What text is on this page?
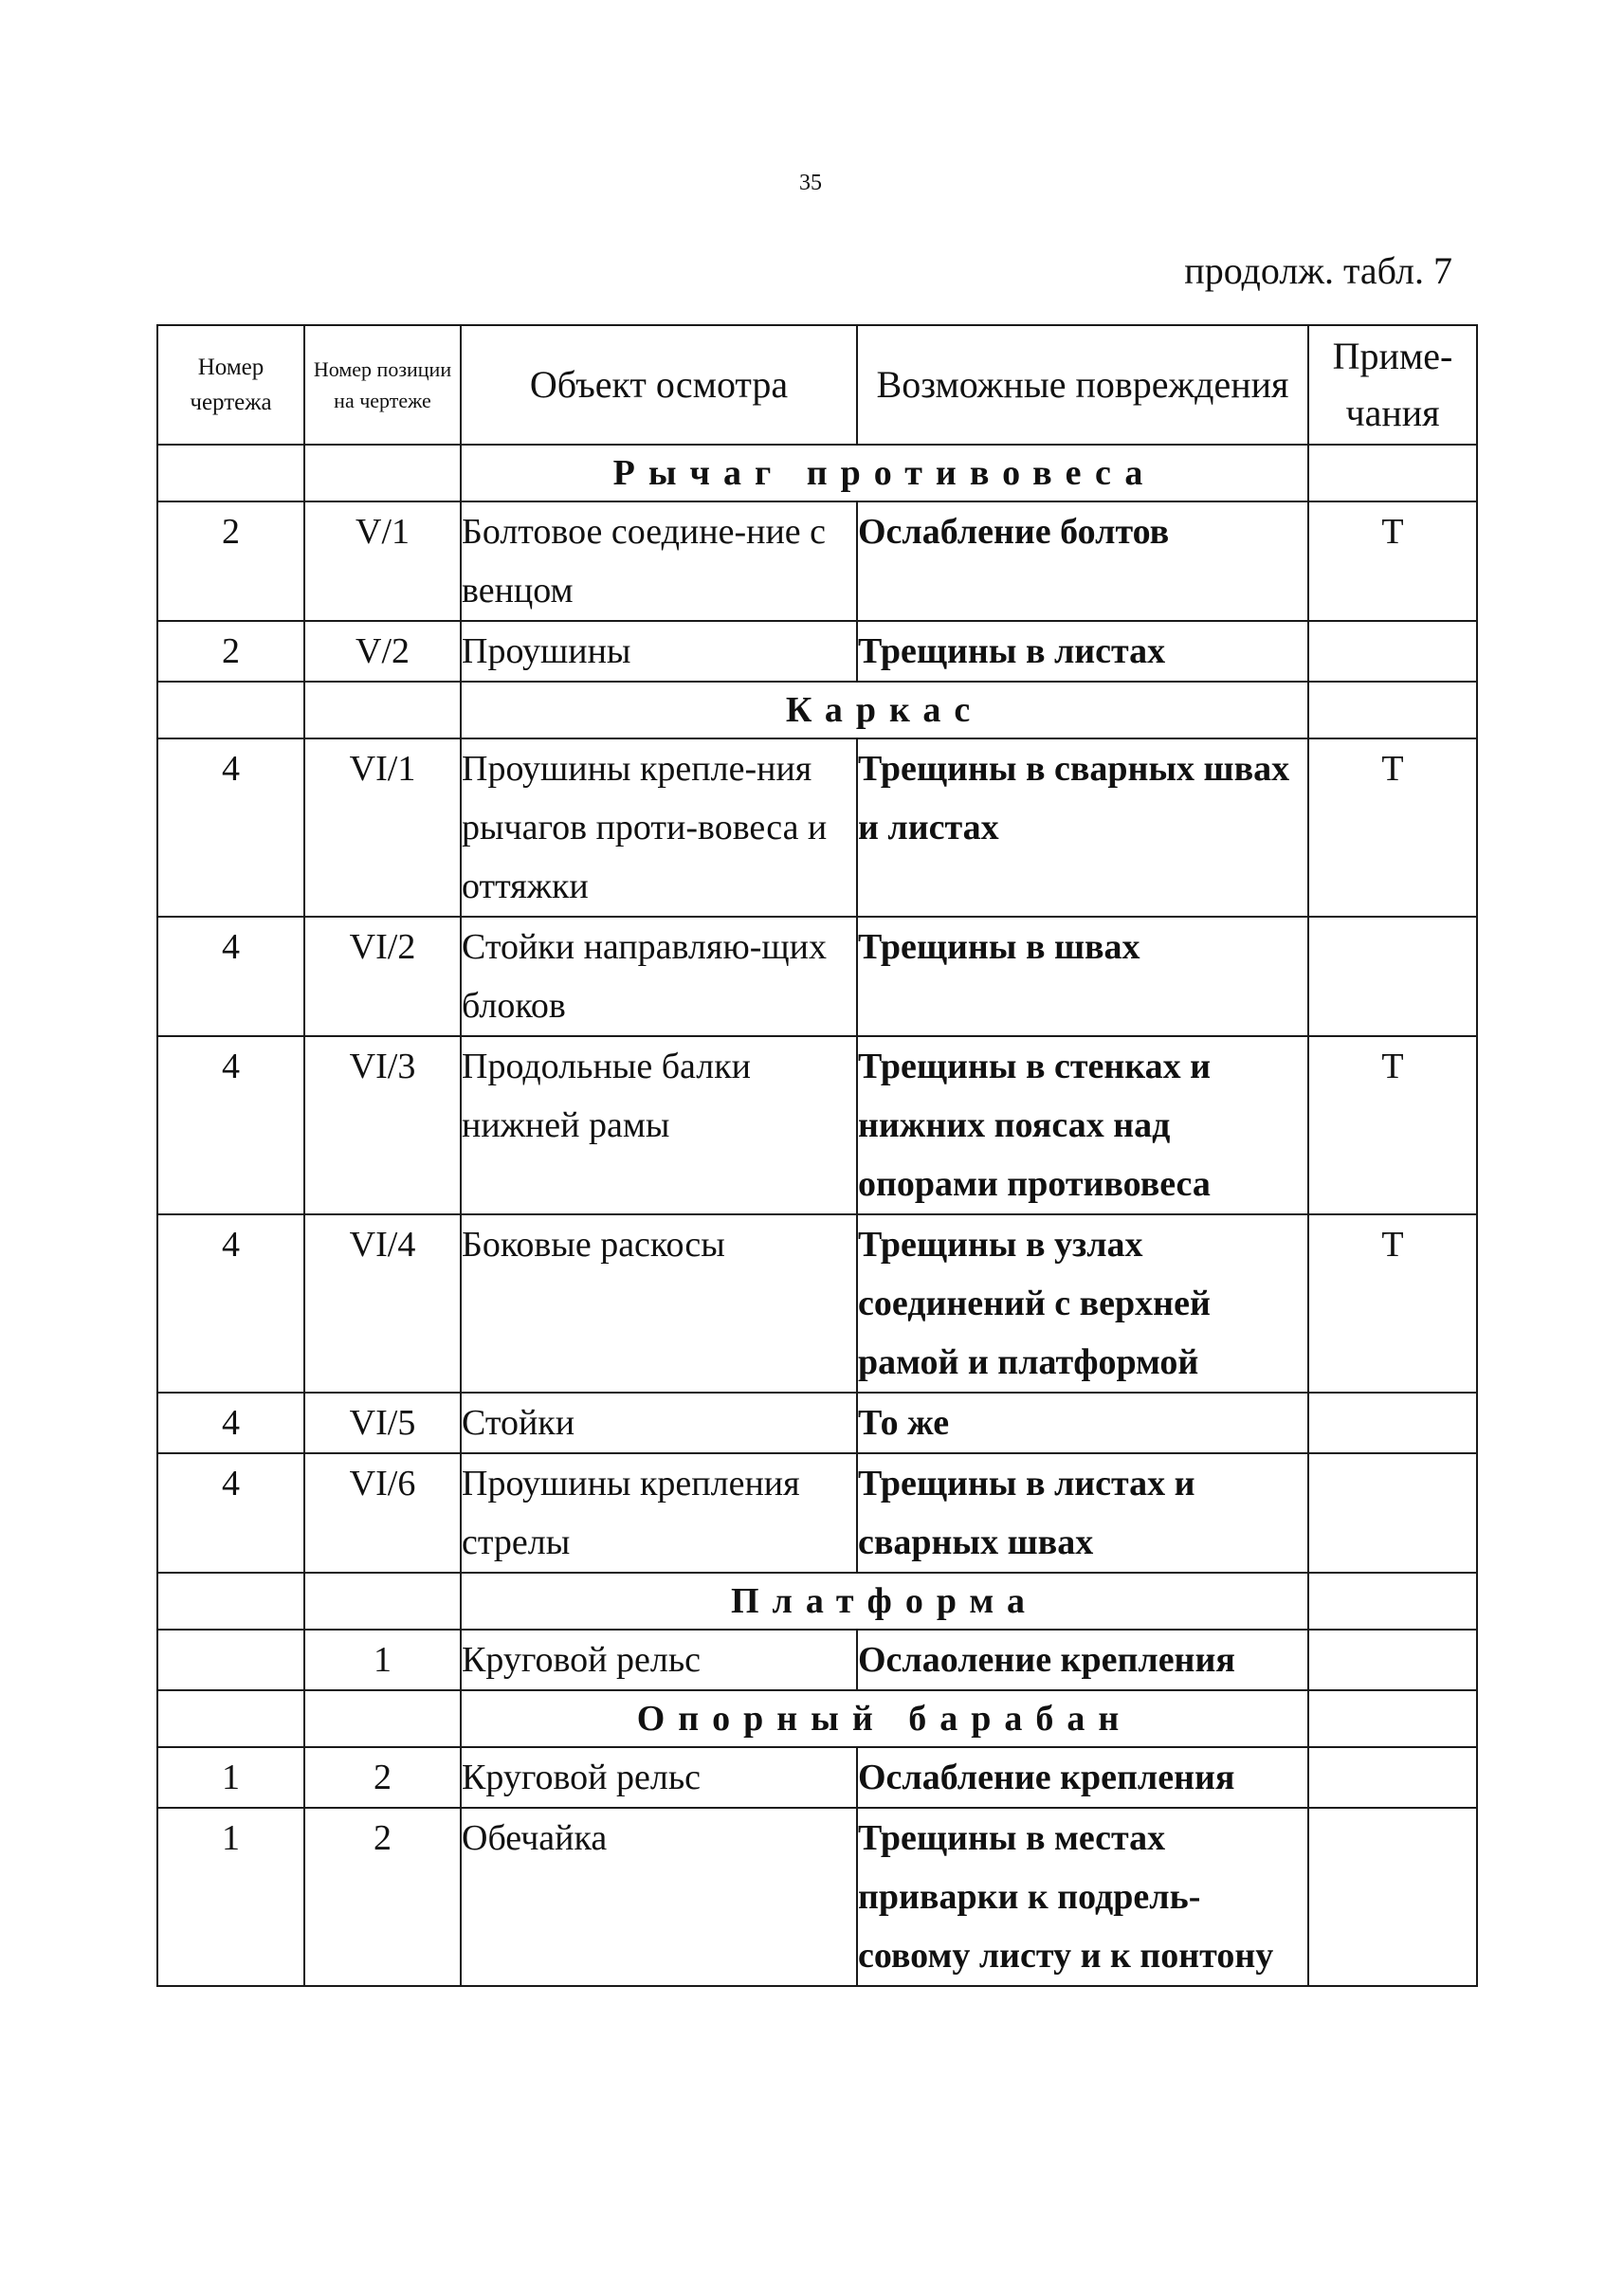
35
продолж. табл. 7
Номер чертежа	Номер позиции на чертеже	Объект осмотра	Возможные повреждения	Приме-чания
		Рычаг противовеса		
2	V/1	Болтовое соедине-ние с венцом	Ослабление болтов	Т
2	V/2	Проушины	Трещины в листах	
		Каркас		
4	VI/1	Проушины крепле-ния рычагов проти-вовеса и оттяжки	Трещины в сварных швах и листах	Т
4	VI/2	Стойки направляю-щих блоков	Трещины в швах	
4	VI/3	Продольные балки нижней рамы	Трещины в стенках и нижних поясах над опорами противовеса	Т
4	VI/4	Боковые раскосы	Трещины в узлах соединений с верхней рамой и платформой	Т
4	VI/5	Стойки	То же	
4	VI/6	Проушины крепления стрелы	Трещины в листах и сварных швах	
		Платформа		
	1	Круговой рельс	Ослаоление крепления	
		Опорный барабан		
1	2	Круговой рельс	Ослабление крепления	
1	2	Обечайка	Трещины в местах приварки к подрель-совому листу и к понтону	
